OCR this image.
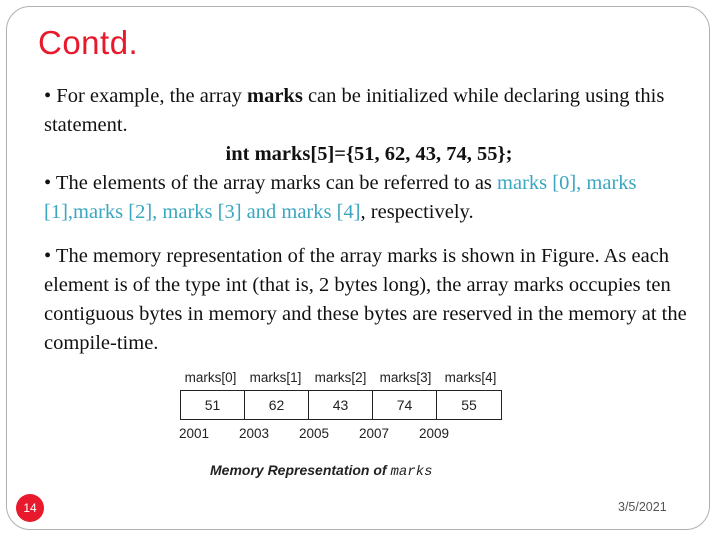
Contd.

• For example, the array marks can be initialized while declaring using this statement.
int marks[5]={51, 62, 43, 74, 55};

• The elements of the array marks can be referred to as marks [0], marks [1],marks [2], marks [3] and marks [4], respectively.

• The memory representation of the array marks is shown in Figure. As each element is of the type int (that is, 2 bytes long), the array marks occupies ten contiguous bytes in memory and these bytes are reserved in the memory at the compile-time.

marks[0] marks[1] marks[2] marks[3] marks[4]
51	62	43	74	55
2001	2003	2005	2007	2009
Memory Representation of marks
14	3/5/2021
